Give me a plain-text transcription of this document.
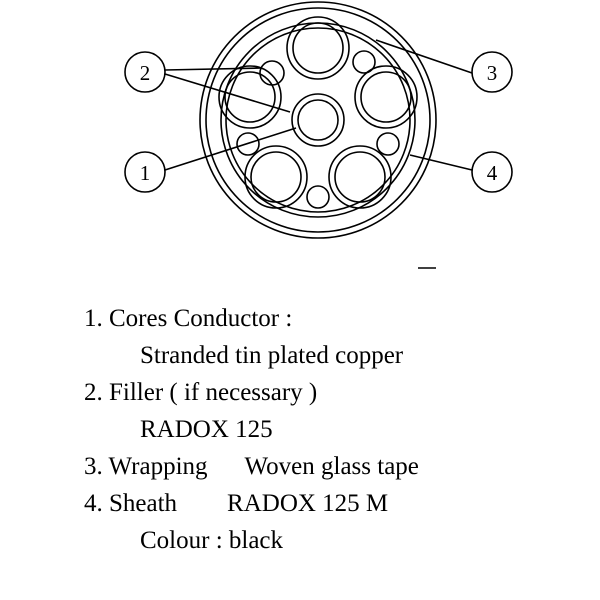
1
2	3
4
1. Cores Conductor :
Stranded tin plated copper
2. Filler ( if necessary )
RADOX 125
3. Wrapping      Woven glass tape
4. Sheath        RADOX 125 M
Colour : black
